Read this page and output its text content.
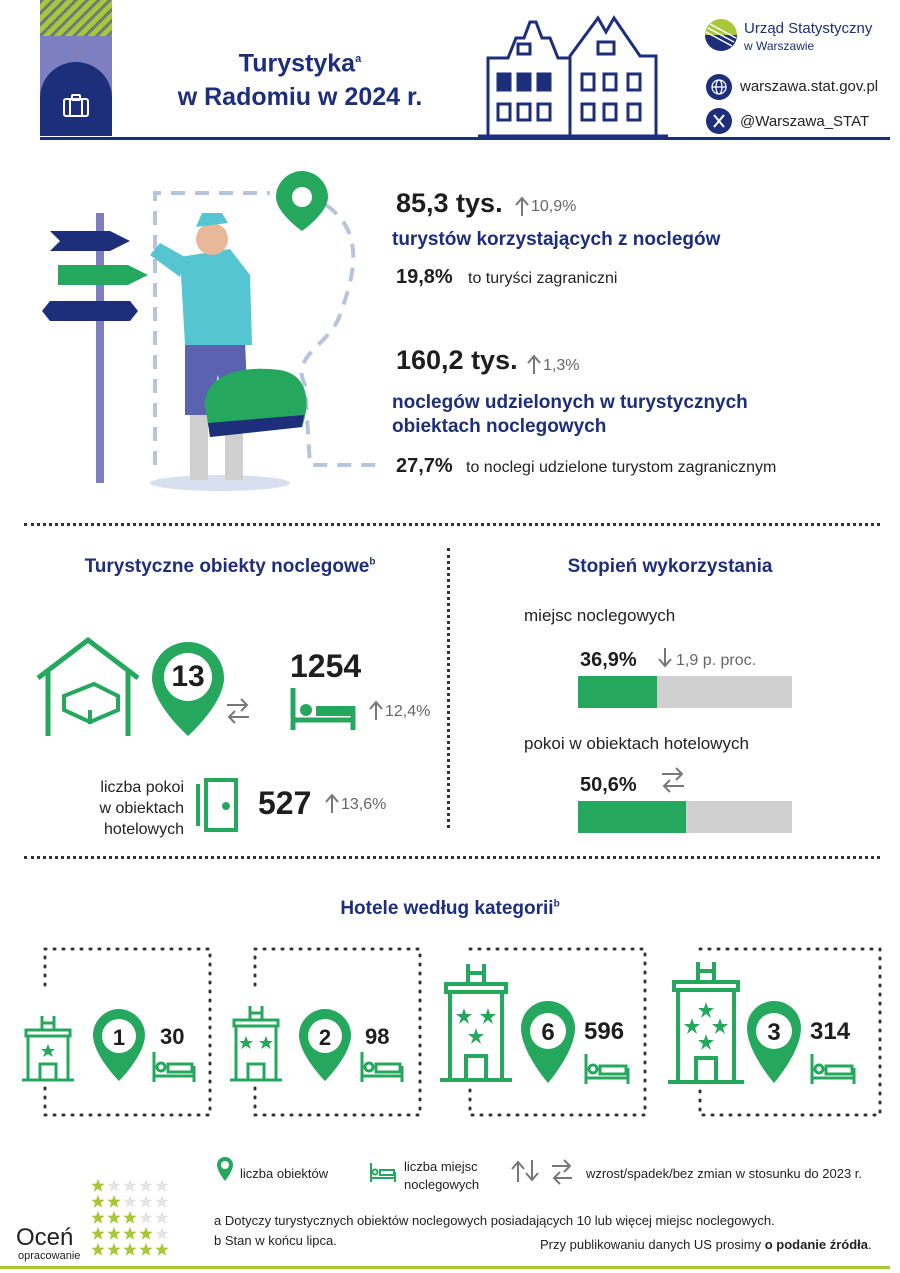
Turystyka$^a$
w Radomiu w 2024 r.
Urząd Statystyczny
w Warszawie
warszawa.stat.gov.pl
@Warszawa_STAT
85,3 tys. 10,9%
turystów korzystających z noclegów
19,8% to turyści zagraniczni
160,2 tys. 1,3%
noclegów udzielonych w turystycznych
obiektach noclegowych
27,7% to noclegi udzielone turystom zagranicznym
Turystyczne obiekty noclegowe$^b$
13	1254
12,4%
liczba pokoi
w obiektach
hotelowych
527 13,6%
Stopień wykorzystania
miejsc noclegowych
36,9% 1,9 p. proc.
pokoi w obiektach hotelowych
50,6%
Hotele według kategorii$^b$
1	30	2	98	6	596	3	314
liczba obiektów	liczba miejsc
noclegowych
wzrost/spadek/bez zmian w stosunku do 2023 r.
Oceń
opracowanie
a Dotyczy turystycznych obiektów noclegowych posiadających 10 lub więcej miejsc noclegowych.
b Stan w końcu lipca.	Przy publikowaniu danych US prosimy o podanie źródła.
